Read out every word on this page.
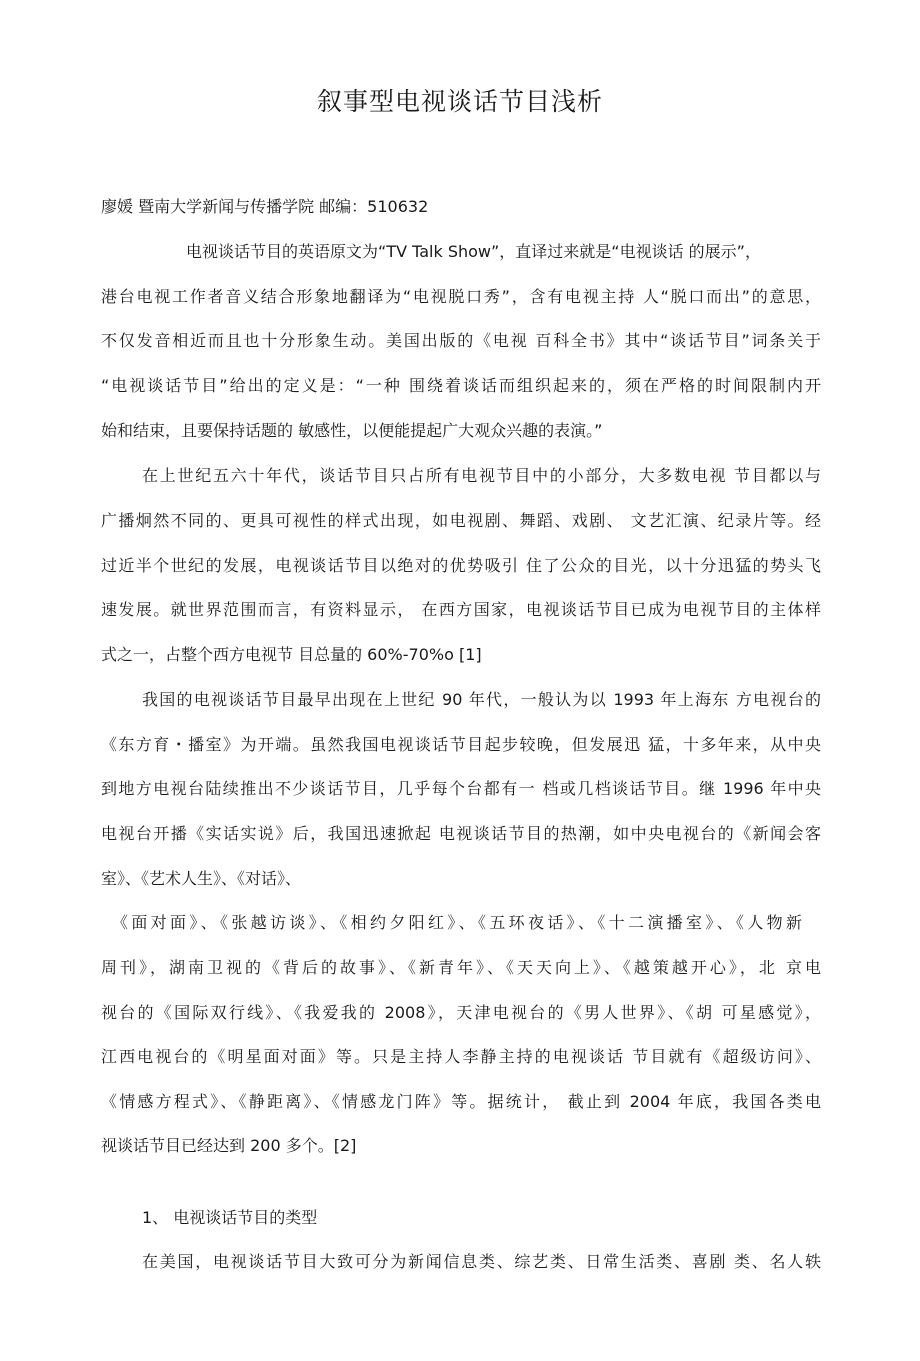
叙事型电视谈话节目浅析

廖媛 暨南大学新闻与传播学院 邮编：510632

电视谈话节目的英语原文为“TV Talk Show”，直译过来就是“电视谈话 的展示”，

港台电视工作者音义结合形象地翻译为“电视脱口秀”，含有电视主持 人“脱口而出”的意思，

不仅发音相近而且也十分形象生动。美国出版的《电视 百科全书》其中“谈话节目”词条关于

“电视谈话节目”给出的定义是：“一种 围绕着谈话而组织起来的，须在严格的时间限制内开

始和结束，且要保持话题的 敏感性，以便能提起广大观众兴趣的表演。”

在上世纪五六十年代，谈话节目只占所有电视节目中的小部分，大多数电视 节目都以与

广播炯然不同的、更具可视性的样式出现，如电视剧、舞蹈、戏剧、 文艺汇演、纪录片等。经

过近半个世纪的发展，电视谈话节目以绝对的优势吸引 住了公众的目光，以十分迅猛的势头飞

速发展。就世界范围而言，有资料显示， 在西方国家，电视谈话节目已成为电视节目的主体样

式之一，占整个西方电视节 目总量的 60%-70%o [1]

我国的电视谈话节目最早出现在上世纪 90 年代，一般认为以 1993 年上海东 方电视台的

《东方育・播室》为开端。虽然我国电视谈话节目起步较晚，但发展迅 猛，十多年来，从中央

到地方电视台陆续推出不少谈话节目，几乎每个台都有一 档或几档谈话节目。继 1996 年中央

电视台开播《实话实说》后，我国迅速掀起 电视谈话节目的热潮，如中央电视台的《新闻会客

室》、《艺术人生》、《对话》、

《面对面》、《张越访谈》、《相约夕阳红》、《五环夜话》、《十二演播室》、《人物新

周刊》，湖南卫视的《背后的故事》、《新青年》、《天天向上》、《越策越开心》，北 京电

视台的《国际双行线》、《我爱我的 2008》，天津电视台的《男人世界》、《胡 可星感觉》，

江西电视台的《明星面对面》等。只是主持人李静主持的电视谈话 节目就有《超级访问》、

《情感方程式》、《静距离》、《情感龙门阵》等。据统计， 截止到 2004 年底，我国各类电

视谈话节目已经达到 200 多个。[2]

1、 电视谈话节目的类型

在美国，电视谈话节目大致可分为新闻信息类、综艺类、日常生活类、喜剧 类、名人轶
